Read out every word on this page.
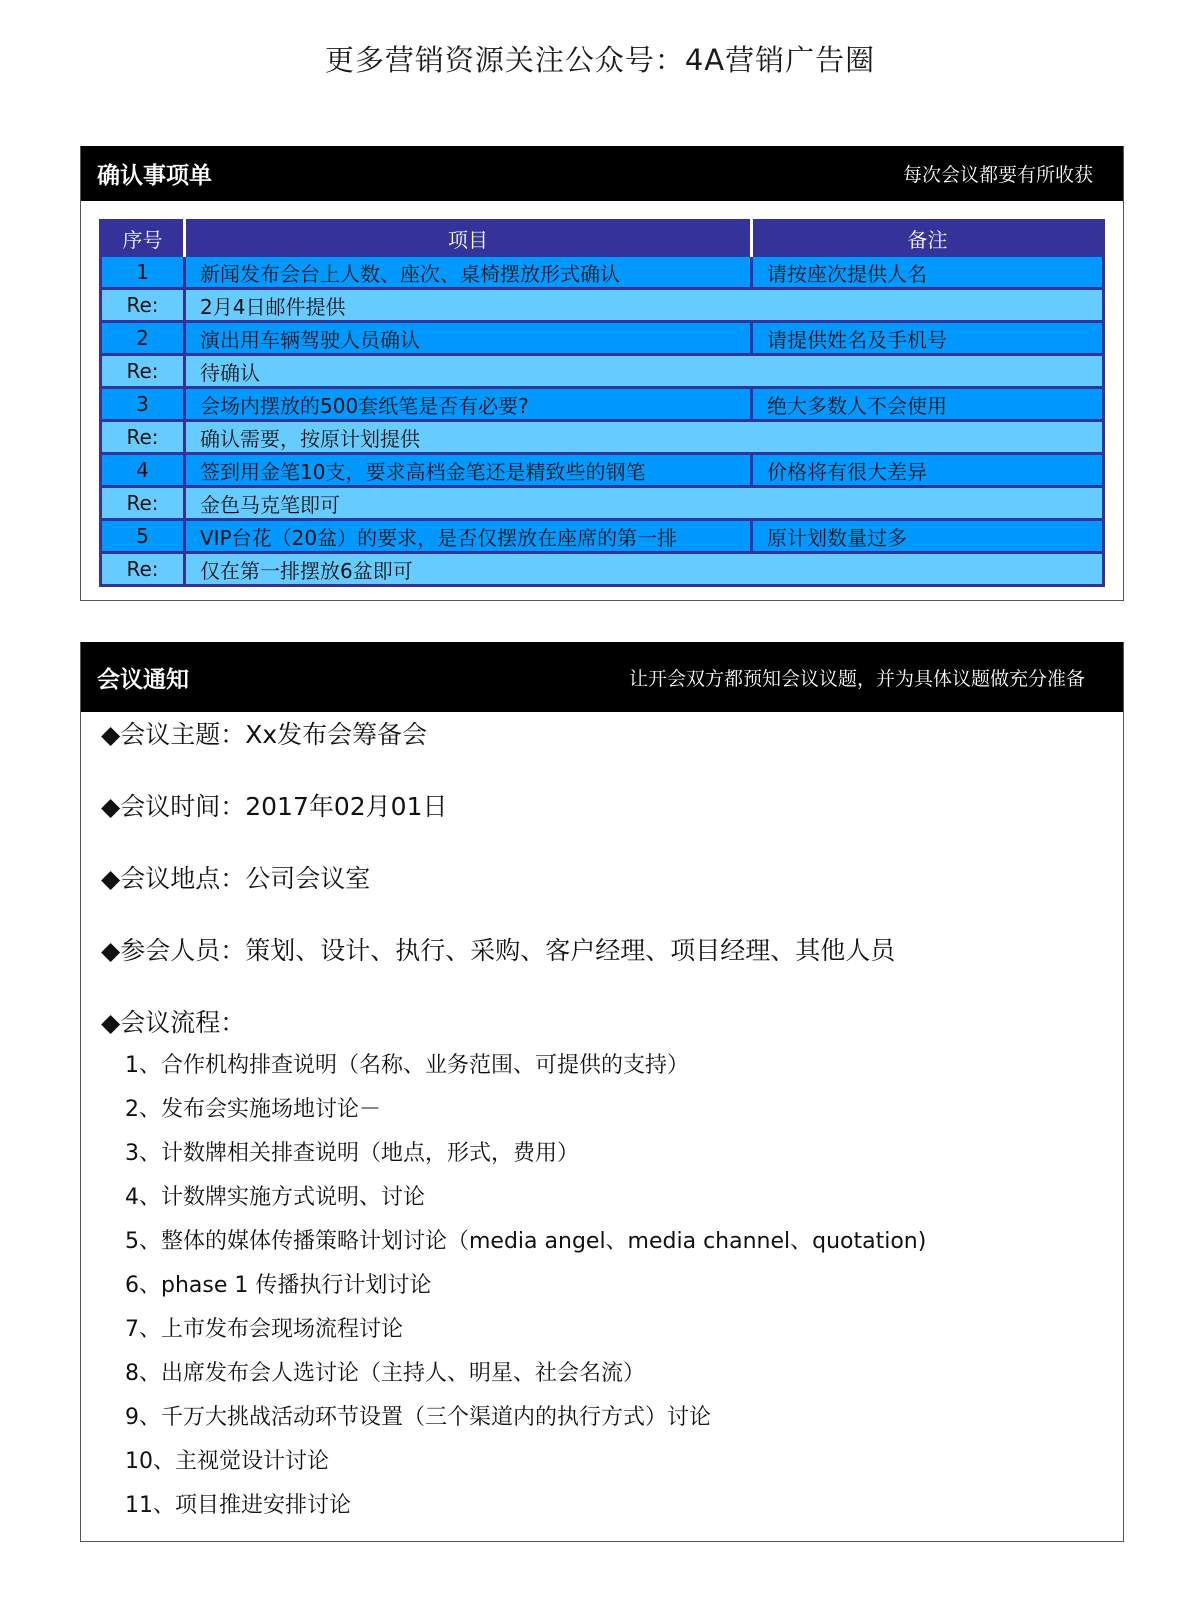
更多营销资源关注公众号：4A营销广告圈
确认事项单	每次会议都要有所收获
序号	项目	备注
1	新闻发布会台上人数、座次、桌椅摆放形式确认	请按座次提供人名
Re:	2月4日邮件提供	
2	演出用车辆驾驶人员确认	请提供姓名及手机号
Re:	待确认	
3	会场内摆放的500套纸笔是否有必要?	绝大多数人不会使用
Re:	确认需要，按原计划提供	
4	签到用金笔10支，要求高档金笔还是精致些的钢笔	价格将有很大差异
Re:	金色马克笔即可	
5	VIP台花（20盆）的要求，是否仅摆放在座席的第一排	原计划数量过多
Re:	仅在第一排摆放6盆即可	
会议通知	让开会双方都预知会议议题，并为具体议题做充分准备
◆会议主题：Xx发布会筹备会
◆会议时间：2017年02月01日
◆会议地点：公司会议室
◆参会人员：策划、设计、执行、采购、客户经理、项目经理、其他人员
◆会议流程：
1、合作机构排查说明（名称、业务范围、可提供的支持）
2、发布会实施场地讨论－
3、计数牌相关排查说明（地点，形式，费用）
4、计数牌实施方式说明、讨论
5、整体的媒体传播策略计划讨论（media angel、media channel、quotation)
6、phase 1 传播执行计划讨论
7、上市发布会现场流程讨论
8、出席发布会人选讨论（主持人、明星、社会名流）
9、千万大挑战活动环节设置（三个渠道内的执行方式）讨论
10、主视觉设计讨论
11、项目推进安排讨论
